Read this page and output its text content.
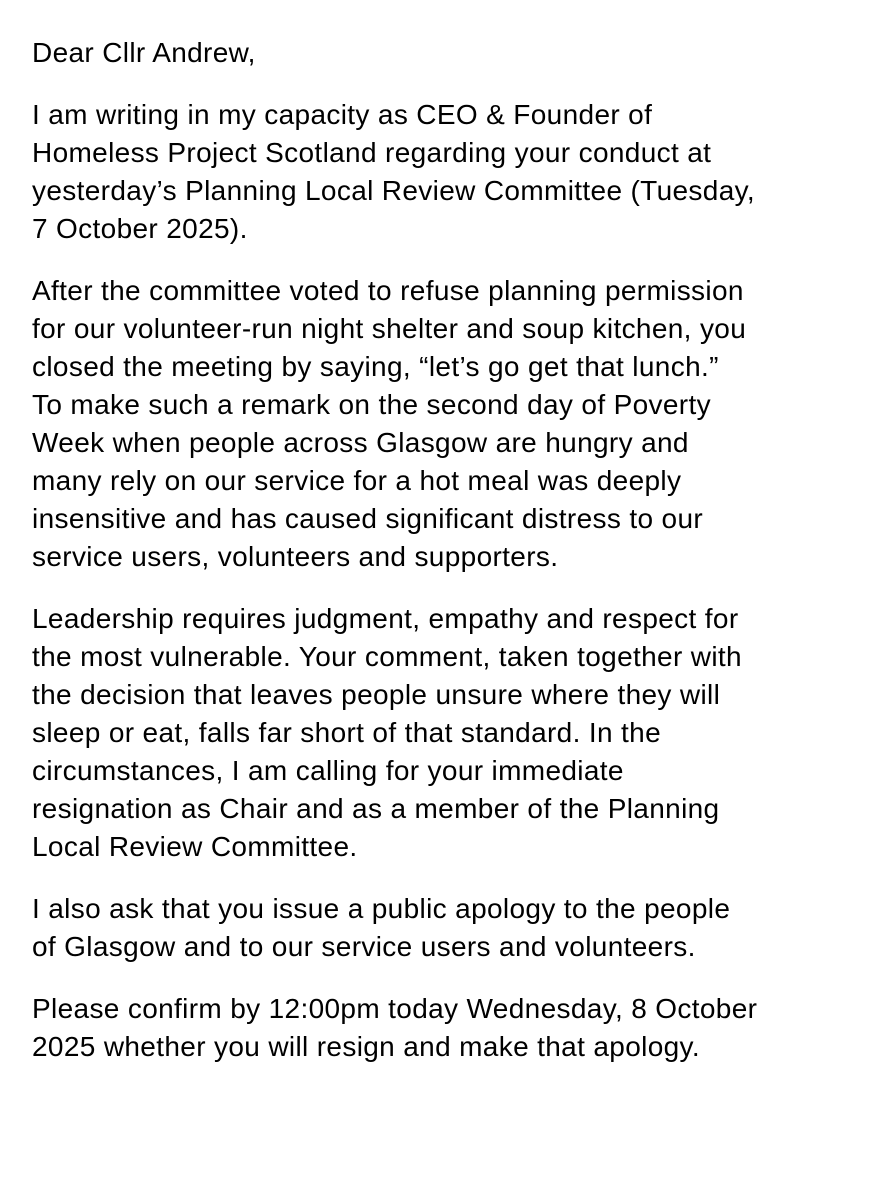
Dear Cllr Andrew,

I am writing in my capacity as CEO & Founder of
Homeless Project Scotland regarding your conduct at
yesterday’s Planning Local Review Committee (Tuesday,
7 October 2025).

After the committee voted to refuse planning permission
for our volunteer-run night shelter and soup kitchen, you
closed the meeting by saying, “let’s go get that lunch.”
To make such a remark on the second day of Poverty
Week when people across Glasgow are hungry and
many rely on our service for a hot meal was deeply
insensitive and has caused significant distress to our
service users, volunteers and supporters.

Leadership requires judgment, empathy and respect for
the most vulnerable. Your comment, taken together with
the decision that leaves people unsure where they will
sleep or eat, falls far short of that standard. In the
circumstances, I am calling for your immediate
resignation as Chair and as a member of the Planning
Local Review Committee.

I also ask that you issue a public apology to the people
of Glasgow and to our service users and volunteers.

Please confirm by 12:00pm today Wednesday, 8 October
2025 whether you will resign and make that apology.
